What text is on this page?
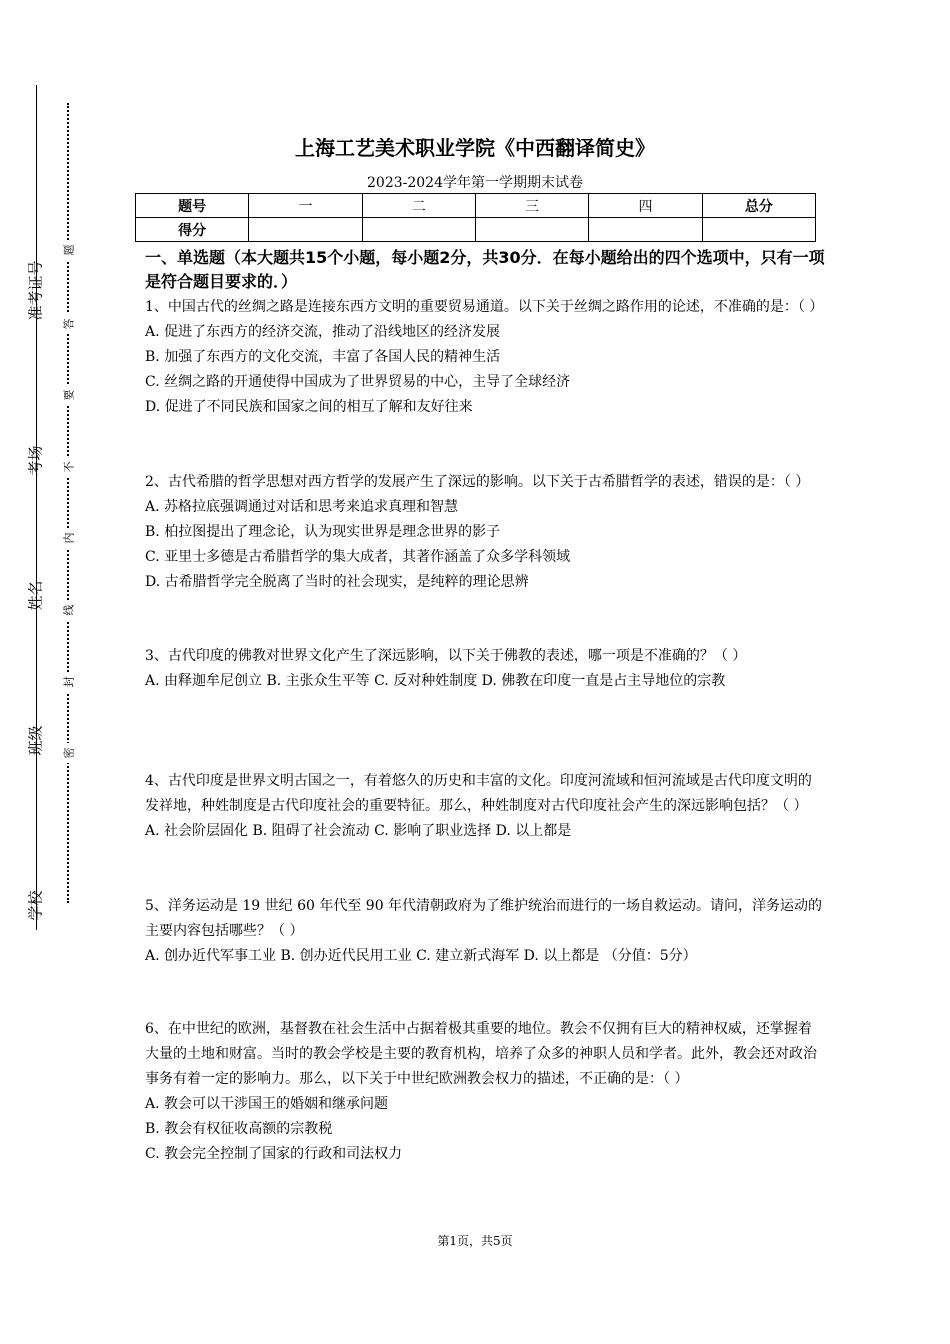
准考证号
考场
姓名
班级
学校
题
答
要
不
内
线
封
密
上海工艺美术职业学院《中西翻译简史》
2023-2024学年第一学期期末试卷
题号	一	二	三	四	总分
得分					
一、单选题（本大题共15个小题，每小题2分，共30分．在每小题给出的四个选项中，只有一项是符合题目要求的．）

1、中国古代的丝绸之路是连接东西方文明的重要贸易通道。以下关于丝绸之路作用的论述，不准确的是：（ ）

A. 促进了东西方的经济交流，推动了沿线地区的经济发展

B. 加强了东西方的文化交流，丰富了各国人民的精神生活

C. 丝绸之路的开通使得中国成为了世界贸易的中心，主导了全球经济

D. 促进了不同民族和国家之间的相互了解和友好往来

2、古代希腊的哲学思想对西方哲学的发展产生了深远的影响。以下关于古希腊哲学的表述，错误的是：（ ）

A. 苏格拉底强调通过对话和思考来追求真理和智慧

B. 柏拉图提出了理念论，认为现实世界是理念世界的影子

C. 亚里士多德是古希腊哲学的集大成者，其著作涵盖了众多学科领域

D. 古希腊哲学完全脱离了当时的社会现实，是纯粹的理论思辨

3、古代印度的佛教对世界文化产生了深远影响，以下关于佛教的表述，哪一项是不准确的？（ ）

A. 由释迦牟尼创立 B. 主张众生平等 C. 反对种姓制度 D. 佛教在印度一直是占主导地位的宗教

4、古代印度是世界文明古国之一，有着悠久的历史和丰富的文化。印度河流域和恒河流域是古代印度文明的发祥地，种姓制度是古代印度社会的重要特征。那么，种姓制度对古代印度社会产生的深远影响包括？（ ）

A. 社会阶层固化 B. 阻碍了社会流动 C. 影响了职业选择 D. 以上都是

5、洋务运动是 19 世纪 60 年代至 90 年代清朝政府为了维护统治而进行的一场自救运动。请问，洋务运动的主要内容包括哪些？（ ）

A. 创办近代军事工业 B. 创办近代民用工业 C. 建立新式海军 D. 以上都是 （分值：5分）

6、在中世纪的欧洲，基督教在社会生活中占据着极其重要的地位。教会不仅拥有巨大的精神权威，还掌握着大量的土地和财富。当时的教会学校是主要的教育机构，培养了众多的神职人员和学者。此外，教会还对政治事务有着一定的影响力。那么，以下关于中世纪欧洲教会权力的描述，不正确的是：（ ）

A. 教会可以干涉国王的婚姻和继承问题

B. 教会有权征收高额的宗教税

C. 教会完全控制了国家的行政和司法权力

第1页，共5页
